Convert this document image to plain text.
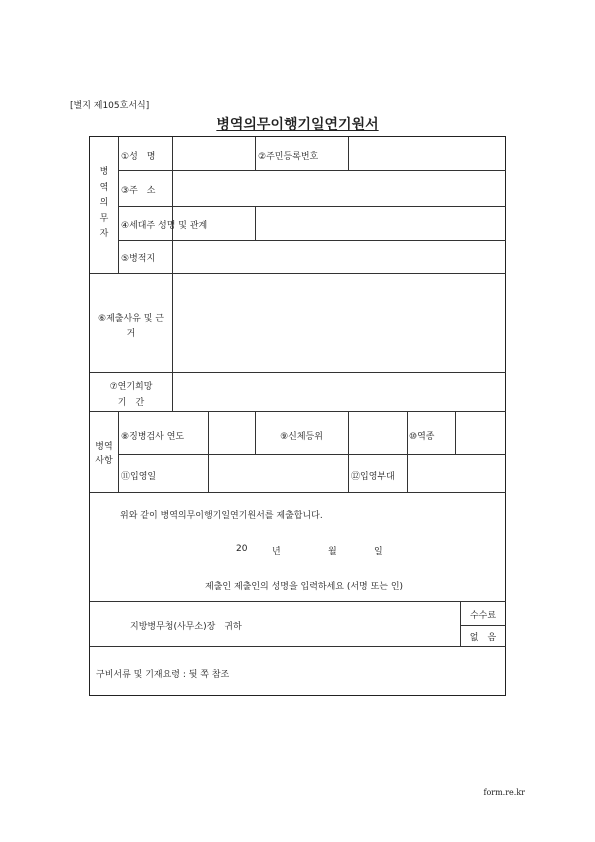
[별지 제105호서식]
병역의무이행기일연기원서
병
역
의
무
자
①성　명	②주민등록번호
③주　소
④세대주 성명 및 관계
⑤병적지
⑥제출사유 및 근
거
⑦연기희망
기　간
병역
사항
⑧징병검사 연도	⑨신체등위	⑩역종
⑪입영일	⑫입영부대
위와 같이 병역의무이행기일연기원서를 제출합니다.
20	년	월	일
제출인 제출인의 성명을 입력하세요 (서명 또는 인)
지방병무청(사무소)장　귀하
수수료
없　음
구비서류 및 기재요령 : 뒷 쪽 참조
form.re.kr
